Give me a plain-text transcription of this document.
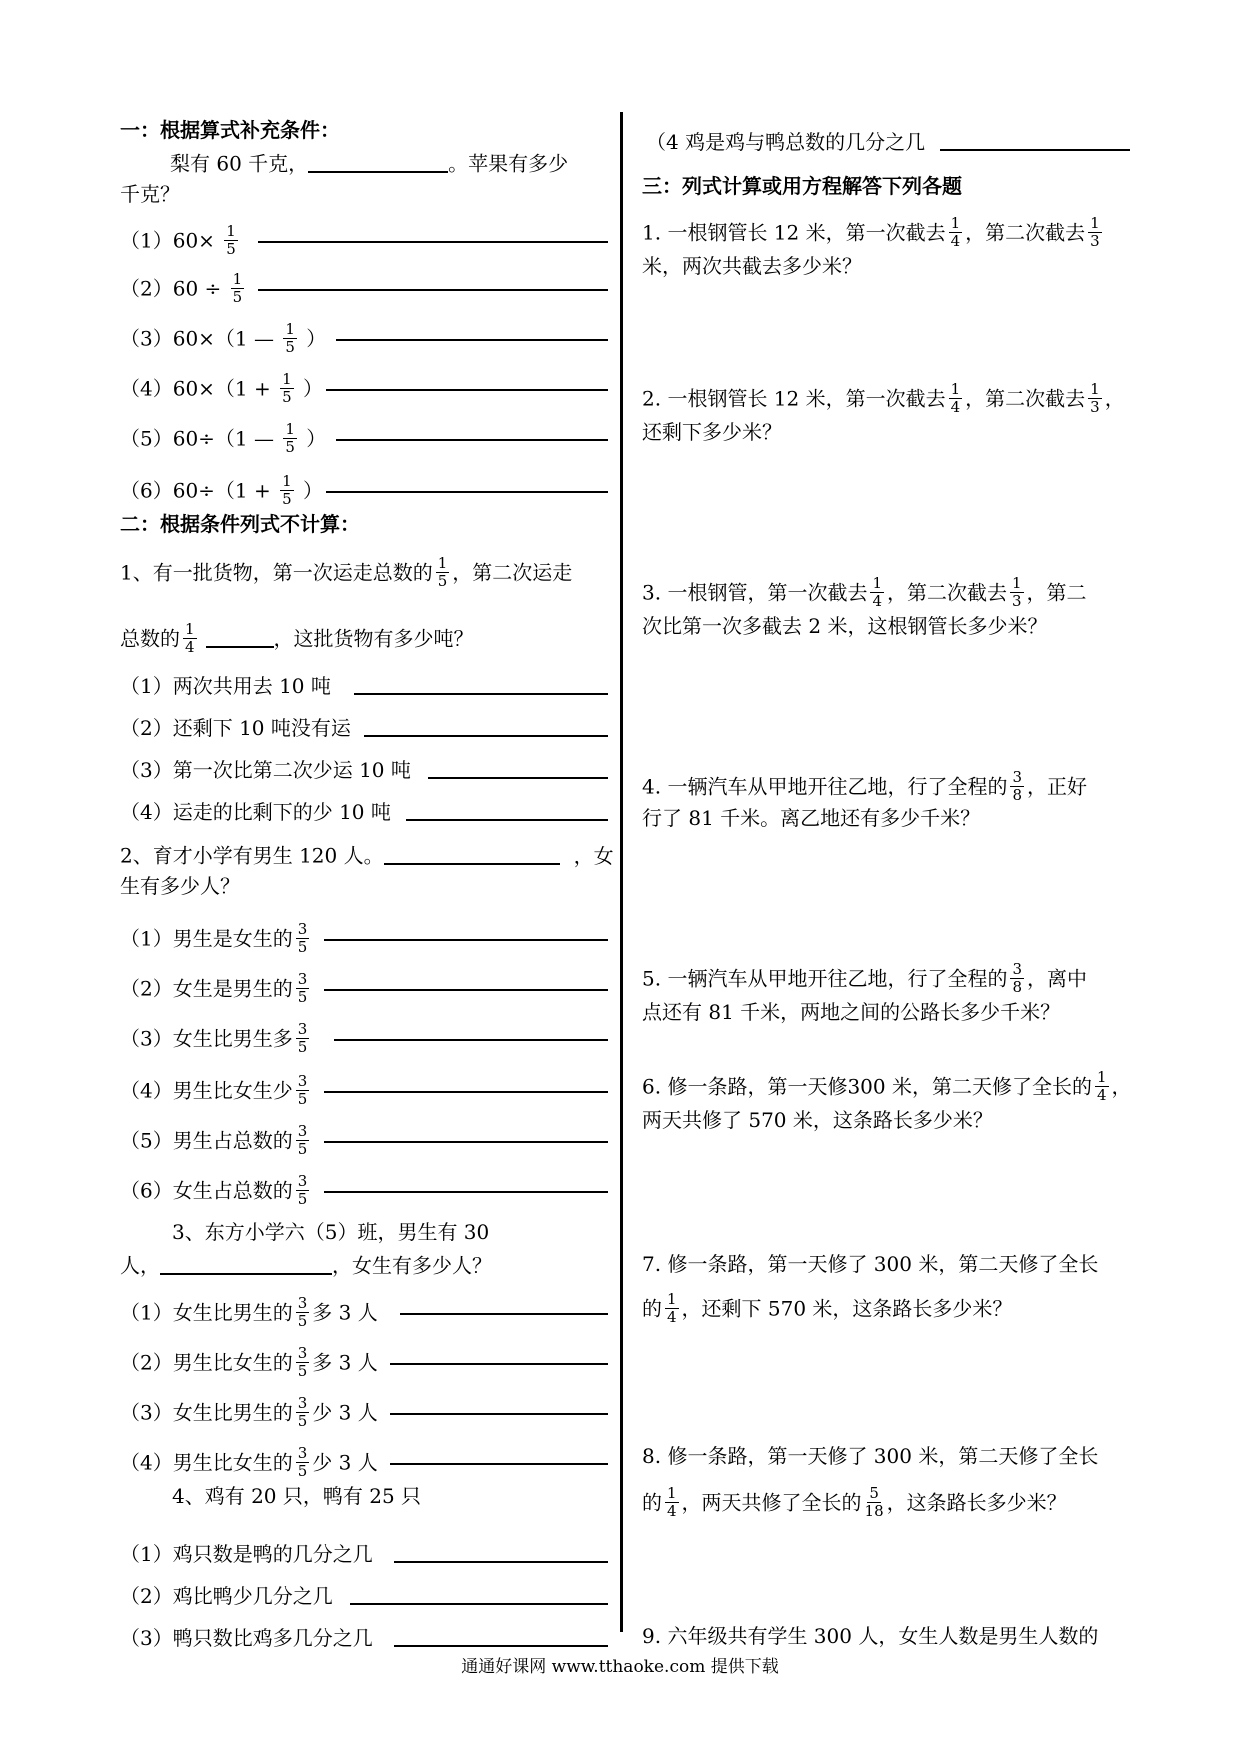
一：根据算式补充条件：
梨有 60 千克，	。苹果有多少
千克？
$(1)60\times \frac{1}{5}$
$(2)60 \div \frac{1}{5}$
（3）60×（1 — $\frac{1}{5}$ ）
$(4)60\times(1 + \frac{1}{5}$ ）
（5）60÷（1 — $\frac{1}{5}$ ）
$(6)60\div(1 + \frac{1}{5}$ ）
二：根据条件列式不计算：
1、有一批货物，第一次运走总数的 $\frac{1}{5}$ ，第二次运走
总数的 $\frac{1}{4}$	，这批货物有多少吨？
（1）两次共用去 10 吨
（2）还剩下 10 吨没有运
（3）第一次比第二次少运 10 吨
（4）运走的比剩下的少 10 吨
2、育才小学有男生 120 人。	，女
生有多少人？
（1）男生是女生的 $\frac{3}{5}$
（2）女生是男生的 $\frac{3}{5}$
（3）女生比男生多 $\frac{3}{5}$
（4）男生比女生少 $\frac{3}{5}$
（5）男生占总数的 $\frac{3}{5}$
（6）女生占总数的 $\frac{3}{5}$
3、东方小学六（5）班，男生有 30
人，	，女生有多少人？
（1）女生比男生的 $\frac{3}{5}$ 多 3 人
（2）男生比女生的 $\frac{3}{5}$ 多 3 人
（3）女生比男生的 $\frac{3}{5}$ 少 3 人
（4）男生比女生的 $\frac{3}{5}$ 少 3 人
4、鸡有 20 只，鸭有 25 只
（1）鸡只数是鸭的几分之几
（2）鸡比鸭少几分之几
（3）鸭只数比鸡多几分之几
（4 鸡是鸡与鸭总数的几分之几
三：列式计算或用方程解答下列各题
1. 一根钢管长 12 米，第一次截去 $\frac{1}{4}$ ，第二次截去 $\frac{1}{3}$
米，两次共截去多少米？
2. 一根钢管长 12 米，第一次截去 $\frac{1}{4}$ ，第二次截去 $\frac{1}{3}$ ，
还剩下多少米？
3. 一根钢管，第一次截去 $\frac{1}{4}$ ，第二次截去 $\frac{1}{3}$ ，第二
次比第一次多截去 2 米，这根钢管长多少米？
4. 一辆汽车从甲地开往乙地，行了全程的 $\frac{3}{8}$ ，正好
行了 81 千米。离乙地还有多少千米？
5. 一辆汽车从甲地开往乙地，行了全程的 $\frac{3}{8}$ ，离中
点还有 81 千米，两地之间的公路长多少千米？
6. 修一条路，第一天修300 米，第二天修了全长的 $\frac{1}{4}$ ，
两天共修了 570 米，这条路长多少米？
7. 修一条路，第一天修了 300 米，第二天修了全长
的 $\frac{1}{4}$ ，还剩下 570 米，这条路长多少米？
8. 修一条路，第一天修了 300 米，第二天修了全长
的 $\frac{1}{4}$ ，两天共修了全长的 $\frac{5}{18}$ ，这条路长多少米？
9. 六年级共有学生 300 人，女生人数是男生人数的
通通好课网 www.tthaoke.com 提供下载
